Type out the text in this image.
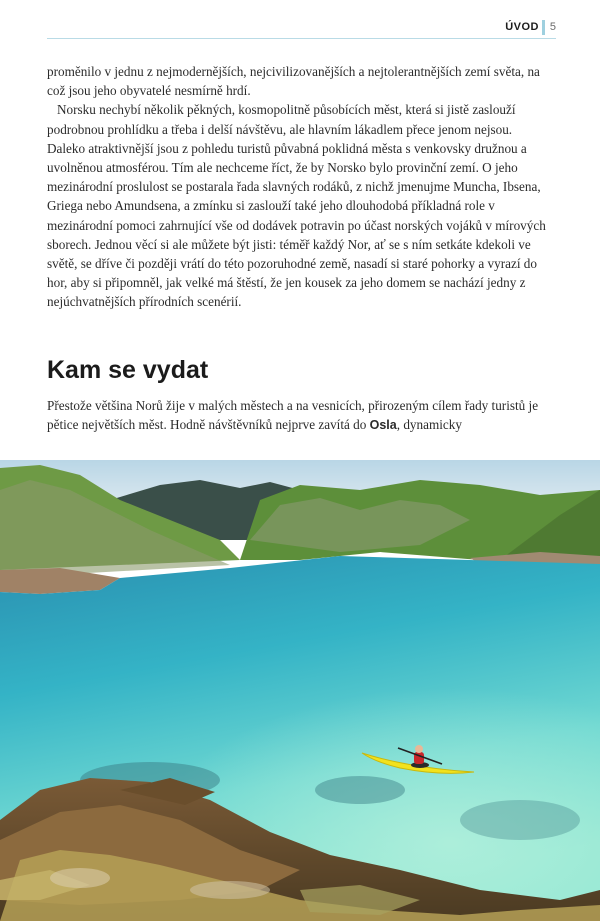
ÚVOD 5

proměnilo v jednu z nejmodernějších, nejcivilizovanějších a nejtolerantnějších zemí světa, na což jsou jeho obyvatelé nesmírně hrdí.

Norsku nechybí několik pěkných, kosmopolitně působících měst, která si jistě zaslouží podrobnou prohlídku a třeba i delší návštěvu, ale hlavním lákadlem přece jenom nejsou. Daleko atraktivnější jsou z pohledu turistů půvabná poklidná města s venkovsky družnou a uvolněnou atmosférou. Tím ale nechceme říct, že by Norsko bylo provinční zemí. O jeho mezinárodní proslulost se postarala řada slavných rodáků, z nichž jmenujme Muncha, Ibsena, Griega nebo Amundsena, a zmínku si zaslouží také jeho dlouhodobá příkladná role v mezinárodní pomoci zahrnující vše od dodávek potravin po účast norských vojáků v mírových sborech. Jednou věcí si ale můžete být jisti: téměř každý Nor, ať se s ním setkáte kdekoli ve světě, se dříve či později vrátí do této pozoruhodné země, nasadí si staré pohorky a vyrazí do hor, aby si připomněl, jak velké má štěstí, že jen kousek za jeho domem se nachází jedny z nejúchvatnějších přírodních scenérií.

Kam se vydat

Přestože většina Norů žije v malých městech a na vesnicích, přirozeným cílem řady turistů je pětice největších měst. Hodně návštěvníků nejprve zavítá do Osla, dynamicky
